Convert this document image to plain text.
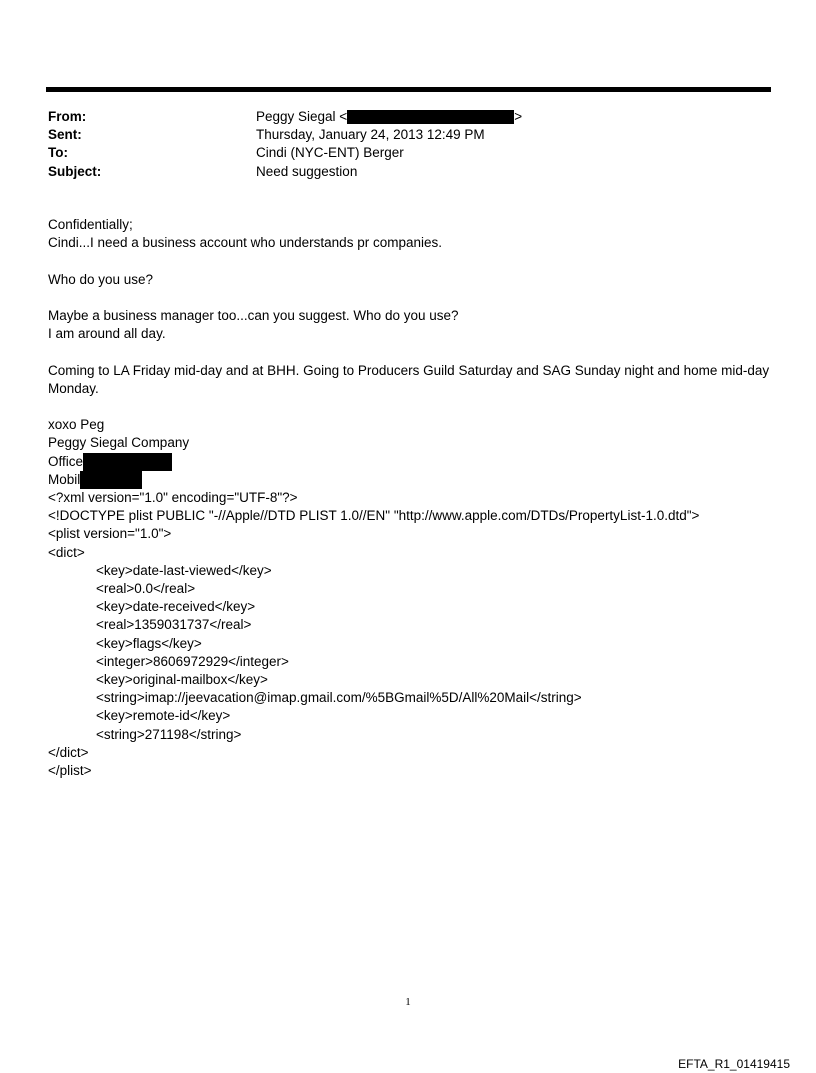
From:	Peggy Siegal <	>
Sent:	Thursday, January 24, 2013 12:49 PM
To:	Cindi (NYC-ENT) Berger
Subject:	Need suggestion

Confidentially;

Cindi...I need a business account who understands pr companies.

Who do you use?

Maybe a business manager too...can you suggest. Who do you use?

I am around all day.

Coming to LA Friday mid-day and at BHH. Going to Producers Guild Saturday and SAG Sunday night and home mid-day Monday.

xoxo Peg

Peggy Siegal Company

Office

Mobil

<?xml version="1.0" encoding="UTF-8"?>

<!DOCTYPE plist PUBLIC "-//Apple//DTD PLIST 1.0//EN" "http://www.apple.com/DTDs/PropertyList-1.0.dtd">

<plist version="1.0">

<dict>

<key>date-last-viewed</key>

<real>0.0</real>

<key>date-received</key>

<real>1359031737</real>

<key>flags</key>

<integer>8606972929</integer>

<key>original-mailbox</key>

<string>imap://jeevacation@imap.gmail.com/%5BGmail%5D/All%20Mail</string>

<key>remote-id</key>

<string>271198</string>

</dict>

</plist>

1
EFTA_R1_01419415
